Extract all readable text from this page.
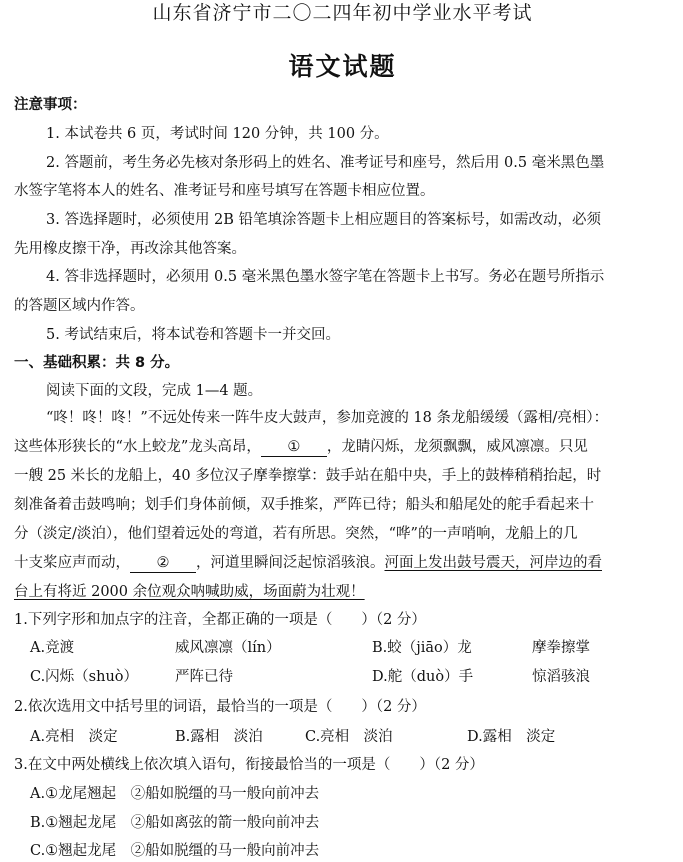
山东省济宁市二〇二四年初中学业水平考试
语文试题
注意事项：
1. 本试卷共 6 页，考试时间 120 分钟，共 100 分。
2. 答题前，考生务必先核对条形码上的姓名、准考证号和座号，然后用 0.5 毫米黑色墨
水签字笔将本人的姓名、准考证号和座号填写在答题卡相应位置。
3. 答选择题时，必须使用 2B 铅笔填涂答题卡上相应题目的答案标号，如需改动，必须
先用橡皮擦干净，再改涂其他答案。
4. 答非选择题时，必须用 0.5 毫米黑色墨水签字笔在答题卡上书写。务必在题号所指示
的答题区域内作答。
5. 考试结束后，将本试卷和答题卡一并交回。
一、基础积累：共 8 分。
阅读下面的文段，完成 1—4 题。
“咚！咚！咚！”不远处传来一阵牛皮大鼓声，参加竞渡的 18 条龙船缓缓（露相/亮相）：
这些体形狭长的“水上蛟龙”龙头高昂， ① ，龙睛闪烁，龙须飘飘，威风凛凛。只见
一艘 25 米长的龙船上，40 多位汉子摩拳擦掌：鼓手站在船中央，手上的鼓棒稍稍抬起，时
刻准备着击鼓鸣响；划手们身体前倾，双手推桨，严阵已待；船头和船尾处的舵手看起来十
分（淡定/淡泊），他们望着远处的弯道，若有所思。突然，“哗”的一声哨响，龙船上的几
十支桨应声而动， ② ，河道里瞬间泛起惊滔骇浪。河面上发出鼓号震天，河岸边的看
台上有将近 2000 余位观众呐喊助威，场面蔚为壮观！
1.下列字形和加点字的注音，全都正确的一项是（　　）（2 分）
A.竞渡	威风凛凛（lín）	B.蛟（jiāo）龙	摩拳擦掌
C.闪烁（shuò）	严阵已待	D.舵（duò）手	惊滔骇浪
2.依次选用文中括号里的词语，最恰当的一项是（　　）（2 分）
A.亮相　淡定	B.露相　淡泊	C.亮相　淡泊	D.露相　淡定
3.在文中两处横线上依次填入语句，衔接最恰当的一项是（　　）（2 分）
A.①龙尾翘起　②船如脱缰的马一般向前冲去
B.①翘起龙尾　②船如离弦的箭一般向前冲去
C.①翘起龙尾　②船如脱缰的马一般向前冲去
